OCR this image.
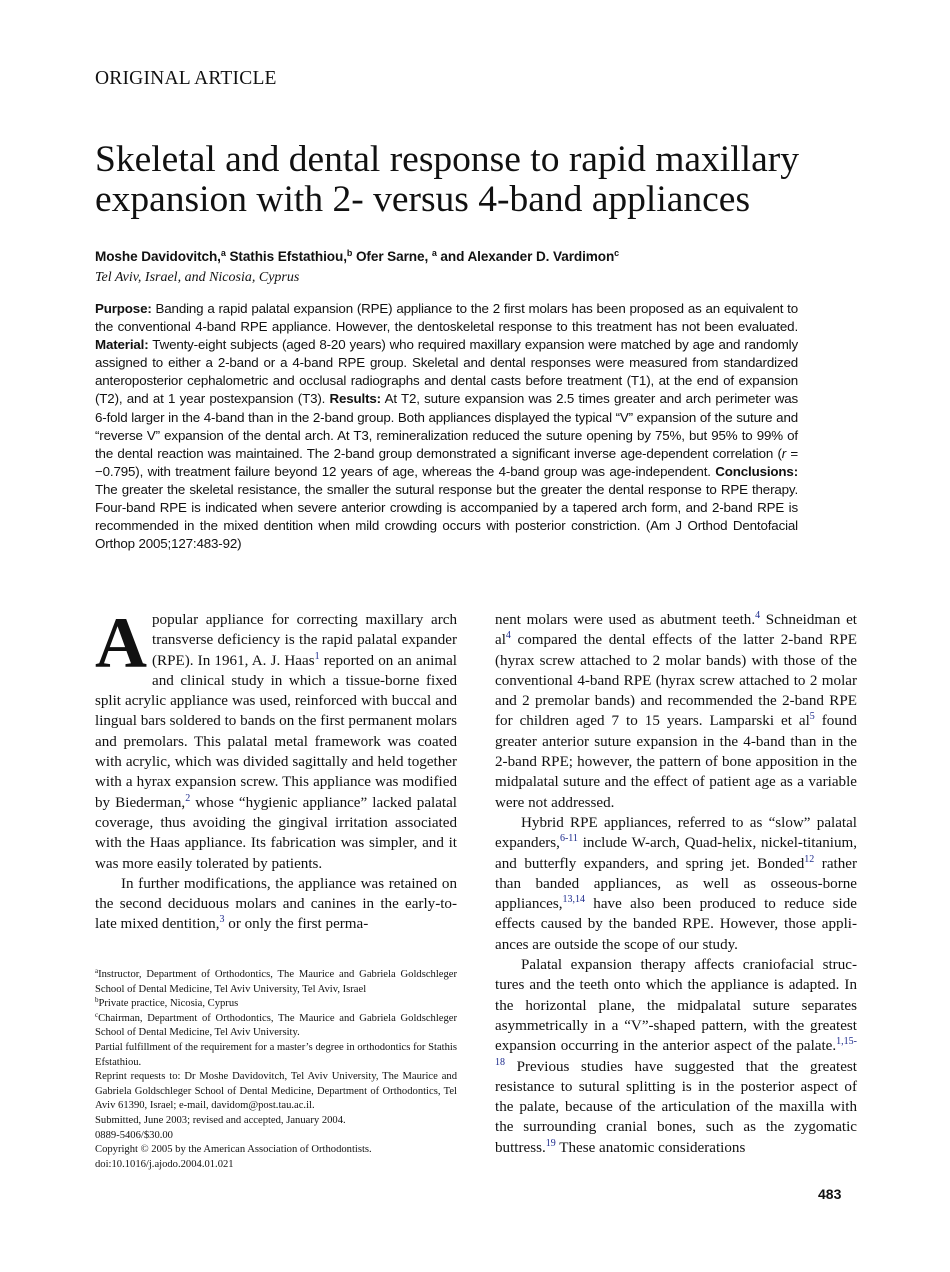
ORIGINAL ARTICLE
Skeletal and dental response to rapid maxillary expansion with 2- versus 4-band appliances
Moshe Davidovitch,$^a$ Stathis Efstathiou,$^b$ Ofer Sarne, $^a$ and Alexander D. Vardimon$^c$
Tel Aviv, Israel, and Nicosia, Cyprus
Purpose: Banding a rapid palatal expansion (RPE) appliance to the 2 first molars has been proposed as an equivalent to the conventional 4-band RPE appliance. However, the dentoskeletal response to this treatment has not been evaluated. Material: Twenty-eight subjects (aged 8-20 years) who required maxillary expansion were matched by age and randomly assigned to either a 2-band or a 4-band RPE group. Skeletal and dental responses were measured from standardized anteroposterior cephalometric and occlusal radiographs and dental casts before treatment (T1), at the end of expansion (T2), and at 1 year postexpansion (T3). Results: At T2, suture expansion was 2.5 times greater and arch perimeter was 6-fold larger in the 4-band than in the 2-band group. Both appliances displayed the typical “V” expansion of the suture and “reverse V” expansion of the dental arch. At T3, remineralization reduced the suture opening by 75%, but 95% to 99% of the dental reaction was maintained. The 2-band group demonstrated a significant inverse age-dependent correlation (r = −0.795), with treatment failure beyond 12 years of age, whereas the 4-band group was age-independent. Conclusions: The greater the skeletal resistance, the smaller the sutural response but the greater the dental response to RPE therapy. Four-band RPE is indicated when severe anterior crowding is accompanied by a tapered arch form, and 2-band RPE is recommended in the mixed dentition when mild crowding occurs with posterior constriction. (Am J Orthod Dentofacial Orthop 2005;127:483-92)

A popular appliance for correcting maxillary arch transverse deficiency is the rapid palatal expander (RPE). In 1961, A. J. Haas$^1$ reported on an animal and clinical study in which a tissue-borne fixed split acrylic appliance was used, reinforced with buccal and lingual bars soldered to bands on the first permanent molars and premolars. This palatal metal framework was coated with acrylic, which was divided sagittally and held together with a hyrax expansion screw. This appliance was modified by Biederman,$^2$ whose “hygienic appliance” lacked palatal coverage, thus avoiding the gingival irritation associated with the Haas appliance. Its fabrication was simpler, and it was more easily tolerated by patients.

In further modifications, the appliance was retained on the second deciduous molars and canines in the early-to-late mixed dentition,$^3$ or only the first perma-

$^a$Instructor, Department of Orthodontics, The Maurice and Gabriela Goldschleger School of Dental Medicine, Tel Aviv University, Tel Aviv, Israel
$^b$Private practice, Nicosia, Cyprus
$^c$Chairman, Department of Orthodontics, The Maurice and Gabriela Goldschleger School of Dental Medicine, Tel Aviv University.
Partial fulfillment of the requirement for a master’s degree in orthodontics for Stathis Efstathiou.
Reprint requests to: Dr Moshe Davidovitch, Tel Aviv University, The Maurice and Gabriela Goldschleger School of Dental Medicine, Department of Orthodontics, Tel Aviv 61390, Israel; e-mail, davidom@post.tau.ac.il.
Submitted, June 2003; revised and accepted, January 2004.
0889-5406/$30.00
Copyright © 2005 by the American Association of Orthodontists.
doi:10.1016/j.ajodo.2004.01.021

nent molars were used as abutment teeth.$^4$ Schneidman et al$^4$ compared the dental effects of the latter 2-band RPE (hyrax screw attached to 2 molar bands) with those of the conventional 4-band RPE (hyrax screw attached to 2 molar and 2 premolar bands) and recommended the 2-band RPE for children aged 7 to 15 years. Lamparski et al$^5$ found greater anterior suture expansion in the 4-band than in the 2-band RPE; however, the pattern of bone apposition in the midpalatal suture and the effect of patient age as a variable were not addressed.

Hybrid RPE appliances, referred to as “slow” palatal expanders,$^{6-11}$ include W-arch, Quad-helix, nickel-titanium, and butterfly expanders, and spring jet. Bonded$^{12}$ rather than banded appliances, as well as osseous-borne appliances,$^{13,14}$ have also been produced to reduce side effects caused by the banded RPE. However, those appliances are outside the scope of our study.

Palatal expansion therapy affects craniofacial structures and the teeth onto which the appliance is adapted. In the horizontal plane, the midpalatal suture separates asymmetrically in a “V”-shaped pattern, with the greatest expansion occurring in the anterior aspect of the palate.$^{1,15-18}$ Previous studies have suggested that the greatest resistance to sutural splitting is in the posterior aspect of the palate, because of the articulation of the maxilla with the surrounding cranial bones, such as the zygomatic buttress.$^{19}$ These anatomic considerations

483
